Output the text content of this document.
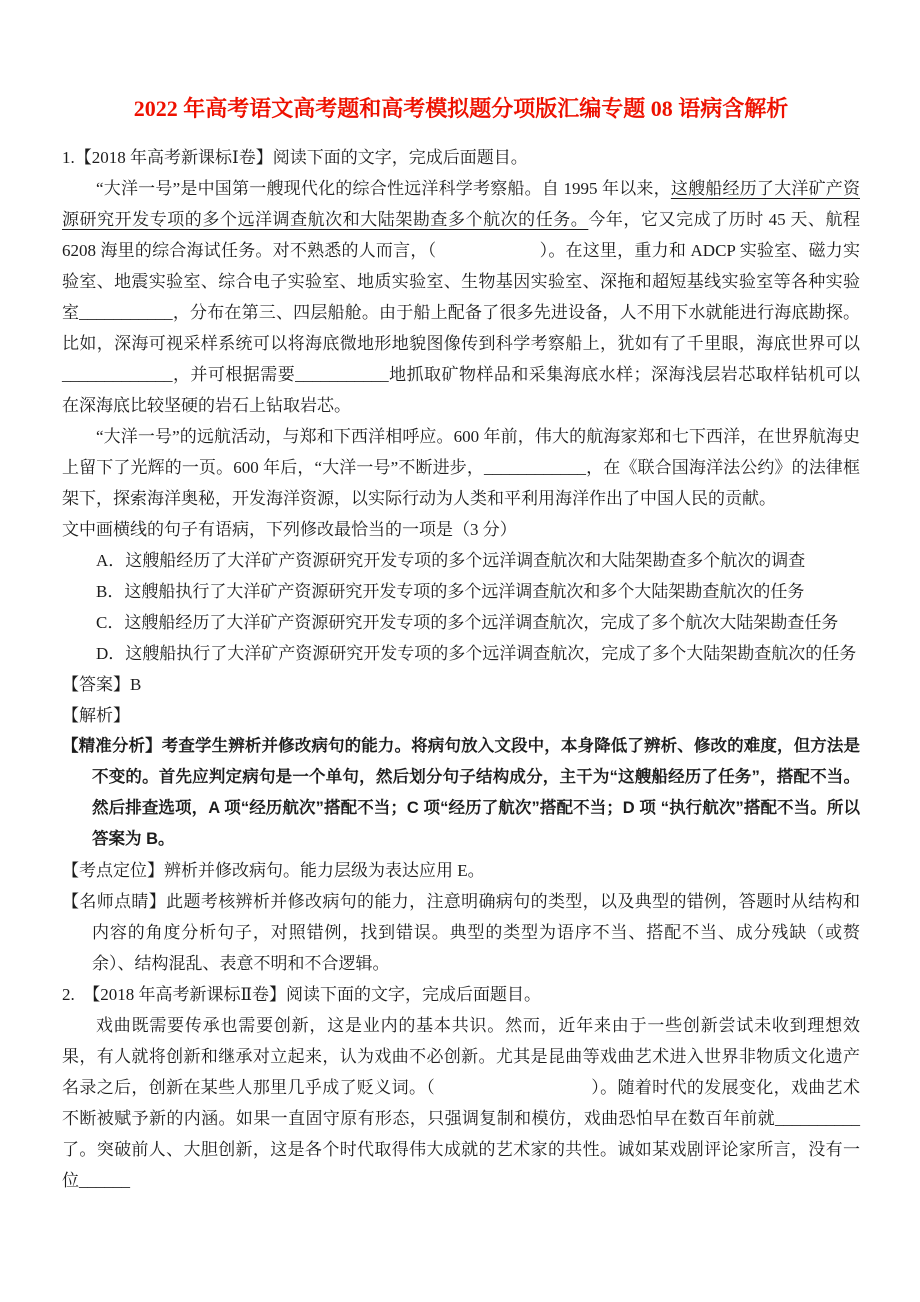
2022 年高考语文高考题和高考模拟题分项版汇编专题 08 语病含解析

1.【2018 年高考新课标Ⅰ卷】阅读下面的文字，完成后面题目。

“大洋一号”是中国第一艘现代化的综合性远洋科学考察船。自 1995 年以来，这艘船经历了大洋矿产资源研究开发专项的多个远洋调查航次和大陆架勘查多个航次的任务。今年，它又完成了历时 45 天、航程 6208 海里的综合海试任务。对不熟悉的人而言，（　　　　　　）。在这里，重力和 ADCP 实验室、磁力实验室、地震实验室、综合电子实验室、地质实验室、生物基因实验室、深拖和超短基线实验室等各种实验室___________，分布在第三、四层船舱。由于船上配备了很多先进设备，人不用下水就能进行海底勘探。比如，深海可视采样系统可以将海底微地形地貌图像传到科学考察船上，犹如有了千里眼，海底世界可以_____________，并可根据需要___________地抓取矿物样品和采集海底水样；深海浅层岩芯取样钻机可以在深海底比较坚硬的岩石上钻取岩芯。

“大洋一号”的远航活动，与郑和下西洋相呼应。600 年前，伟大的航海家郑和七下西洋，在世界航海史上留下了光辉的一页。600 年后，“大洋一号”不断进步，____________，在《联合国海洋法公约》的法律框架下，探索海洋奥秘，开发海洋资源，以实际行动为人类和平利用海洋作出了中国人民的贡献。

文中画横线的句子有语病，下列修改最恰当的一项是（3 分）

A．这艘船经历了大洋矿产资源研究开发专项的多个远洋调查航次和大陆架勘查多个航次的调查

B．这艘船执行了大洋矿产资源研究开发专项的多个远洋调查航次和多个大陆架勘查航次的任务

C．这艘船经历了大洋矿产资源研究开发专项的多个远洋调查航次，完成了多个航次大陆架勘查任务

D．这艘船执行了大洋矿产资源研究开发专项的多个远洋调查航次，完成了多个大陆架勘查航次的任务

【答案】B

【解析】

【精准分析】考查学生辨析并修改病句的能力。将病句放入文段中，本身降低了辨析、修改的难度，但方法是不变的。首先应判定病句是一个单句，然后划分句子结构成分，主干为“这艘船经历了任务”，搭配不当。然后排查选项，A 项“经历航次”搭配不当；C 项“经历了航次”搭配不当；D 项 “执行航次”搭配不当。所以答案为 B。

【考点定位】辨析并修改病句。能力层级为表达应用 E。

【名师点睛】此题考核辨析并修改病句的能力，注意明确病句的类型，以及典型的错例，答题时从结构和内容的角度分析句子，对照错例，找到错误。典型的类型为语序不当、搭配不当、成分残缺（或赘余）、结构混乱、表意不明和不合逻辑。

2.　【2018 年高考新课标Ⅱ卷】阅读下面的文字，完成后面题目。

戏曲既需要传承也需要创新，这是业内的基本共识。然而，近年来由于一些创新尝试未收到理想效果，有人就将创新和继承对立起来，认为戏曲不必创新。尤其是昆曲等戏曲艺术进入世界非物质文化遗产名录之后，创新在某些人那里几乎成了贬义词。（　　　　　　　　　）。随着时代的发展变化，戏曲艺术不断被赋予新的内涵。如果一直固守原有形态，只强调复制和模仿，戏曲恐怕早在数百年前就__________了。突破前人、大胆创新，这是各个时代取得伟大成就的艺术家的共性。诚如某戏剧评论家所言，没有一位______
